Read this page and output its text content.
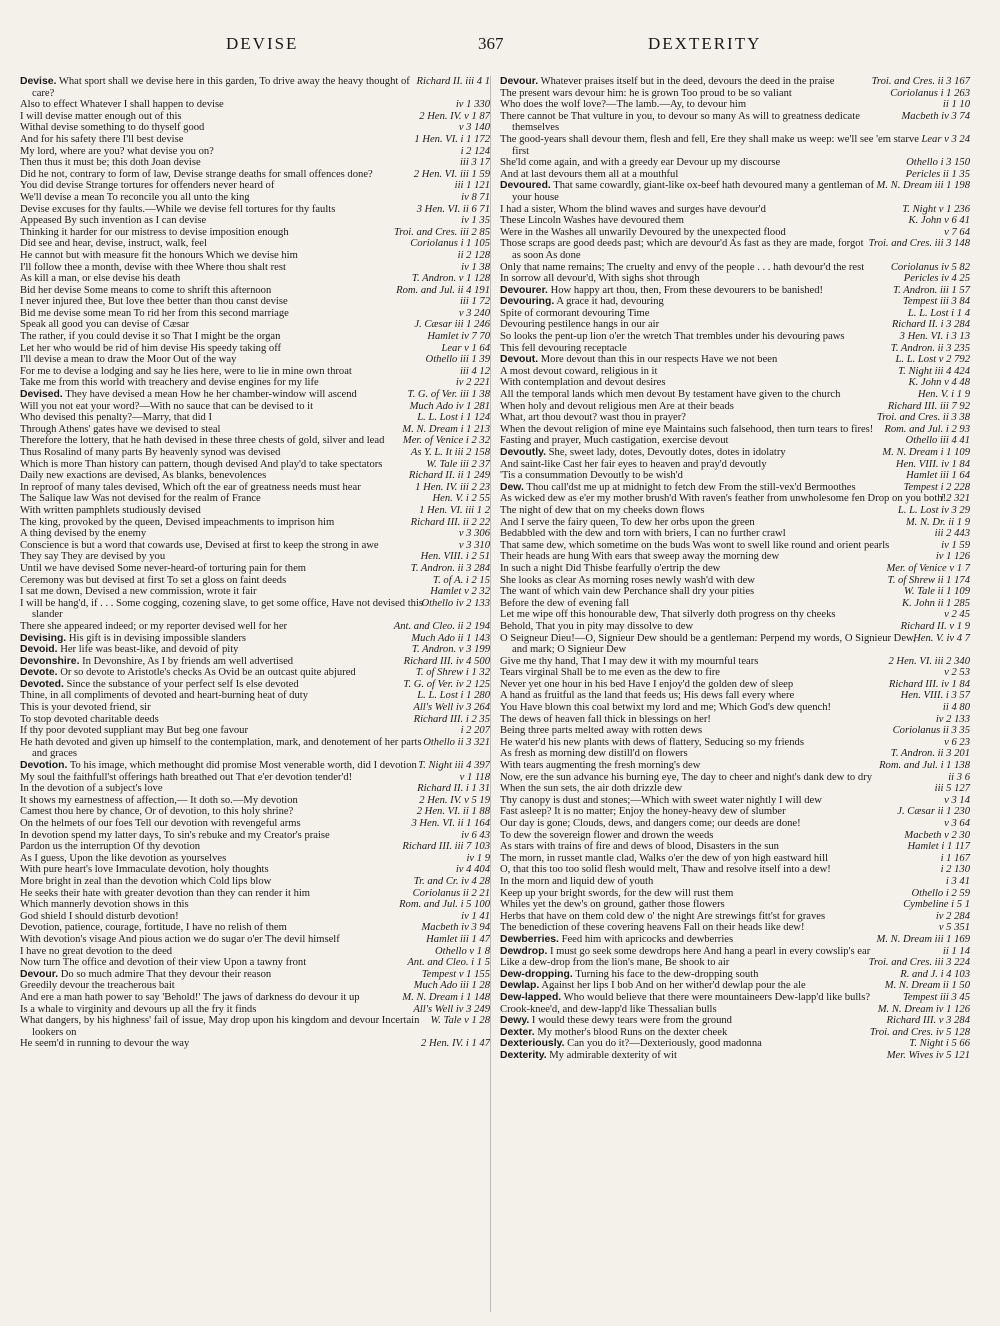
DEVISE	367	DEXTERITY

Richard II. iii 4 1
Devise. What sport shall we devise here in this garden, To drive away the heavy thought of care?

iv 1 330
Also to effect Whatever I shall happen to devise

2 Hen. IV. v 1 87
I will devise matter enough out of this

v 3 140
Withal devise something to do thyself good

1 Hen. VI. i 1 172
And for his safety there I'll best devise

i 2 124
My lord, where are you? what devise you on?

iii 3 17
Then thus it must be; this doth Joan devise

2 Hen. VI. iii 1 59
Did he not, contrary to form of law, Devise strange deaths for small offences done?

iii 1 121
You did devise Strange tortures for offenders never heard of

iv 8 71
We'll devise a mean To reconcile you all unto the king

3 Hen. VI. ii 6 71
Devise excuses for thy faults.—While we devise fell tortures for thy faults

iv 1 35
Appeased By such invention as I can devise

Troi. and Cres. iii 2 85
Thinking it harder for our mistress to devise imposition enough

Coriolanus i 1 105
Did see and hear, devise, instruct, walk, feel

ii 2 128
He cannot but with measure fit the honours Which we devise him

iv 1 38
I'll follow thee a month, devise with thee Where thou shalt rest

T. Andron. v 1 128
As kill a man, or else devise his death

Rom. and Jul. ii 4 191
Bid her devise Some means to come to shrift this afternoon

iii 1 72
I never injured thee, But love thee better than thou canst devise

v 3 240
Bid me devise some mean To rid her from this second marriage

J. Cæsar iii 1 246
Speak all good you can devise of Cæsar

Hamlet iv 7 70
The rather, if you could devise it so That I might be the organ

Lear v 1 64
Let her who would be rid of him devise His speedy taking off

Othello iii 1 39
I'll devise a mean to draw the Moor Out of the way

iii 4 12
For me to devise a lodging and say he lies here, were to lie in mine own throat

iv 2 221
Take me from this world with treachery and devise engines for my life

T. G. of Ver. iii 1 38
Devised. They have devised a mean How he her chamber-window will ascend

Much Ado iv 1 281
Will you not eat your word?—With no sauce that can be devised to it

L. L. Lost i 1 124
Who devised this penalty?—Marry, that did I

M. N. Dream i 1 213
Through Athens' gates have we devised to steal

Mer. of Venice i 2 32
Therefore the lottery, that he hath devised in these three chests of gold, silver and lead

As Y. L. It iii 2 158
Thus Rosalind of many parts By heavenly synod was devised

W. Tale iii 2 37
Which is more Than history can pattern, though devised And play'd to take spectators

Richard II. ii 1 249
Daily new exactions are devised, As blanks, benevolences

1 Hen. IV. iii 2 23
In reproof of many tales devised, Which oft the ear of greatness needs must hear

Hen. V. i 2 55
The Salique law Was not devised for the realm of France

1 Hen. VI. iii 1 2
With written pamphlets studiously devised

Richard III. ii 2 22
The king, provoked by the queen, Devised impeachments to imprison him

v 3 306
A thing devised by the enemy

v 3 310
Conscience is but a word that cowards use, Devised at first to keep the strong in awe

Hen. VIII. i 2 51
They say They are devised by you

T. Andron. ii 3 284
Until we have devised Some never-heard-of torturing pain for them

T. of A. i 2 15
Ceremony was but devised at first To set a gloss on faint deeds

Hamlet v 2 32
I sat me down, Devised a new commission, wrote it fair

Othello iv 2 133
I will be hang'd, if . . . Some cogging, cozening slave, to get some office, Have not devised this slander

Ant. and Cleo. ii 2 194
There she appeared indeed; or my reporter devised well for her

Much Ado ii 1 143
Devising. His gift is in devising impossible slanders

T. Andron. v 3 199
Devoid. Her life was beast-like, and devoid of pity

Richard III. iv 4 500
Devonshire. In Devonshire, As I by friends am well advertised

T. of Shrew i 1 32
Devote. Or so devote to Aristotle's checks As Ovid be an outcast quite abjured

T. G. of Ver. iv 2 125
Devoted. Since the substance of your perfect self Is else devoted

L. L. Lost i 1 280
Thine, in all compliments of devoted and heart-burning heat of duty

All's Well iv 3 264
This is your devoted friend, sir

Richard III. i 2 35
To stop devoted charitable deeds

i 2 207
If thy poor devoted suppliant may But beg one favour

Othello ii 3 321
He hath devoted and given up himself to the contemplation, mark, and denotement of her parts and graces

T. Night iii 4 397
Devotion. To his image, which methought did promise Most venerable worth, did I devotion

v 1 118
My soul the faithfull'st offerings hath breathed out That e'er devotion tender'd!

Richard II. i 1 31
In the devotion of a subject's love

2 Hen. IV. v 5 19
It shows my earnestness of affection,— It doth so.—My devotion

2 Hen. VI. ii 1 88
Camest thou here by chance, Or of devotion, to this holy shrine?

3 Hen. VI. ii 1 164
On the helmets of our foes Tell our devotion with revengeful arms

iv 6 43
In devotion spend my latter days, To sin's rebuke and my Creator's praise

Richard III. iii 7 103
Pardon us the interruption Of thy devotion

iv 1 9
As I guess, Upon the like devotion as yourselves

iv 4 404
With pure heart's love Immaculate devotion, holy thoughts

Tr. and Cr. iv 4 28
More bright in zeal than the devotion which Cold lips blow

Coriolanus ii 2 21
He seeks their hate with greater devotion than they can render it him

Rom. and Jul. i 5 100
Which mannerly devotion shows in this

iv 1 41
God shield I should disturb devotion!

Macbeth iv 3 94
Devotion, patience, courage, fortitude, I have no relish of them

Hamlet iii 1 47
With devotion's visage And pious action we do sugar o'er The devil himself

Othello v 1 8
I have no great devotion to the deed

Ant. and Cleo. i 1 5
Now turn The office and devotion of their view Upon a tawny front

Tempest v 1 155
Devour. Do so much admire That they devour their reason

Much Ado iii 1 28
Greedily devour the treacherous bait

M. N. Dream i 1 148
And ere a man hath power to say 'Behold!' The jaws of darkness do devour it up

All's Well iv 3 249
Is a whale to virginity and devours up all the fry it finds

W. Tale v 1 28
What dangers, by his highness' fail of issue, May drop upon his kingdom and devour Incertain lookers on

2 Hen. IV. i 1 47
He seem'd in running to devour the way

Troi. and Cres. ii 3 167
Devour. Whatever praises itself but in the deed, devours the deed in the praise

Coriolanus i 1 263
The present wars devour him: he is grown Too proud to be so valiant

ii 1 10
Who does the wolf love?—The lamb.—Ay, to devour him

Macbeth iv 3 74
There cannot be That vulture in you, to devour so many As will to greatness dedicate themselves

Lear v 3 24
The good-years shall devour them, flesh and fell, Ere they shall make us weep: we'll see 'em starve first

Othello i 3 150
She'ld come again, and with a greedy ear Devour up my discourse

Pericles ii 1 35
And at last devours them all at a mouthful

M. N. Dream iii 1 198
Devoured. That same cowardly, giant-like ox-beef hath devoured many a gentleman of your house

T. Night v 1 236
I had a sister, Whom the blind waves and surges have devour'd

K. John v 6 41
These Lincoln Washes have devoured them

v 7 64
Were in the Washes all unwarily Devoured by the unexpected flood

Troi. and Cres. iii 3 148
Those scraps are good deeds past; which are devour'd As fast as they are made, forgot as soon As done

Coriolanus iv 5 82
Only that name remains; The cruelty and envy of the people . . . hath devour'd the rest

Pericles iv 4 25
In sorrow all devour'd, With sighs shot through

T. Andron. iii 1 57
Devourer. How happy art thou, then, From these devourers to be banished!

Tempest iii 3 84
Devouring. A grace it had, devouring

L. L. Lost i 1 4
Spite of cormorant devouring Time

Richard II. i 3 284
Devouring pestilence hangs in our air

3 Hen. VI. i 3 13
So looks the pent-up lion o'er the wretch That trembles under his devouring paws

T. Andron. ii 3 235
This fell devouring receptacle

L. L. Lost v 2 792
Devout. More devout than this in our respects Have we not been

T. Night iii 4 424
A most devout coward, religious in it

K. John v 4 48
With contemplation and devout desires

Hen. V. i 1 9
All the temporal lands which men devout By testament have given to the church

Richard III. iii 7 92
When holy and devout religious men Are at their beads

Troi. and Cres. ii 3 38
What, art thou devout? wast thou in prayer?

Rom. and Jul. i 2 93
When the devout religion of mine eye Maintains such falsehood, then turn tears to fires!

Othello iii 4 41
Fasting and prayer, Much castigation, exercise devout

M. N. Dream i 1 109
Devoutly. She, sweet lady, dotes, Devoutly dotes, dotes in idolatry

Hen. VIII. iv 1 84
And saint-like Cast her fair eyes to heaven and pray'd devoutly

Hamlet iii 1 64
'Tis a consummation Devoutly to be wish'd

Tempest i 2 228
Dew. Thou call'dst me up at midnight to fetch dew From the still-vex'd Bermoothes

i 2 321
As wicked dew as e'er my mother brush'd With raven's feather from unwholesome fen Drop on you both!

L. L. Lost iv 3 29
The night of dew that on my cheeks down flows

M. N. Dr. ii 1 9
And I serve the fairy queen, To dew her orbs upon the green

iii 2 443
Bedabbled with the dew and torn with briers, I can no further crawl

iv 1 59
That same dew, which sometime on the buds Was wont to swell like round and orient pearls

iv 1 126
Their heads are hung With ears that sweep away the morning dew

Mer. of Venice v 1 7
In such a night Did Thisbe fearfully o'ertrip the dew

T. of Shrew ii 1 174
She looks as clear As morning roses newly wash'd with dew

W. Tale ii 1 109
The want of which vain dew Perchance shall dry your pities

K. John ii 1 285
Before the dew of evening fall

v 2 45
Let me wipe off this honourable dew, That silverly doth progress on thy cheeks

Richard II. v 1 9
Behold, That you in pity may dissolve to dew

Hen. V. iv 4 7
O Seigneur Dieu!—O, Signieur Dew should be a gentleman: Perpend my words, O Signieur Dew, and mark; O Signieur Dew

2 Hen. VI. iii 2 340
Give me thy hand, That I may dew it with my mournful tears

v 2 53
Tears virginal Shall be to me even as the dew to fire

Richard III. iv 1 84
Never yet one hour in his bed Have I enjoy'd the golden dew of sleep

Hen. VIII. i 3 57
A hand as fruitful as the land that feeds us; His dews fall every where

ii 4 80
You Have blown this coal betwixt my lord and me; Which God's dew quench!

iv 2 133
The dews of heaven fall thick in blessings on her!

Coriolanus ii 3 35
Being three parts melted away with rotten dews

v 6 23
He water'd his new plants with dews of flattery, Seducing so my friends

T. Andron. ii 3 201
As fresh as morning dew distill'd on flowers

Rom. and Jul. i 1 138
With tears augmenting the fresh morning's dew

ii 3 6
Now, ere the sun advance his burning eye, The day to cheer and night's dank dew to dry

iii 5 127
When the sun sets, the air doth drizzle dew

v 3 14
Thy canopy is dust and stones;—Which with sweet water nightly I will dew

J. Cæsar ii 1 230
Fast asleep? It is no matter; Enjoy the honey-heavy dew of slumber

v 3 64
Our day is gone; Clouds, dews, and dangers come; our deeds are done!

Macbeth v 2 30
To dew the sovereign flower and drown the weeds

Hamlet i 1 117
As stars with trains of fire and dews of blood, Disasters in the sun

i 1 167
The morn, in russet mantle clad, Walks o'er the dew of yon high eastward hill

i 2 130
O, that this too too solid flesh would melt, Thaw and resolve itself into a dew!

i 3 41
In the morn and liquid dew of youth

Othello i 2 59
Keep up your bright swords, for the dew will rust them

Cymbeline i 5 1
Whiles yet the dew's on ground, gather those flowers

iv 2 284
Herbs that have on them cold dew o' the night Are strewings fitt'st for graves

v 5 351
The benediction of these covering heavens Fall on their heads like dew!

M. N. Dream iii 1 169
Dewberries. Feed him with apricocks and dewberries

ii 1 14
Dewdrop. I must go seek some dewdrops here And hang a pearl in every cowslip's ear

Troi. and Cres. iii 3 224
Like a dew-drop from the lion's mane, Be shook to air

R. and J. i 4 103
Dew-dropping. Turning his face to the dew-dropping south

M. N. Dream ii 1 50
Dewlap. Against her lips I bob And on her wither'd dewlap pour the ale

Tempest iii 3 45
Dew-lapped. Who would believe that there were mountaineers Dew-lapp'd like bulls?

M. N. Dream iv 1 126
Crook-knee'd, and dew-lapp'd like Thessalian bulls

Richard III. v 3 284
Dewy. I would these dewy tears were from the ground

Troi. and Cres. iv 5 128
Dexter. My mother's blood Runs on the dexter cheek

T. Night i 5 66
Dexteriously. Can you do it?—Dexteriously, good madonna

Mer. Wives iv 5 121
Dexterity. My admirable dexterity of wit
